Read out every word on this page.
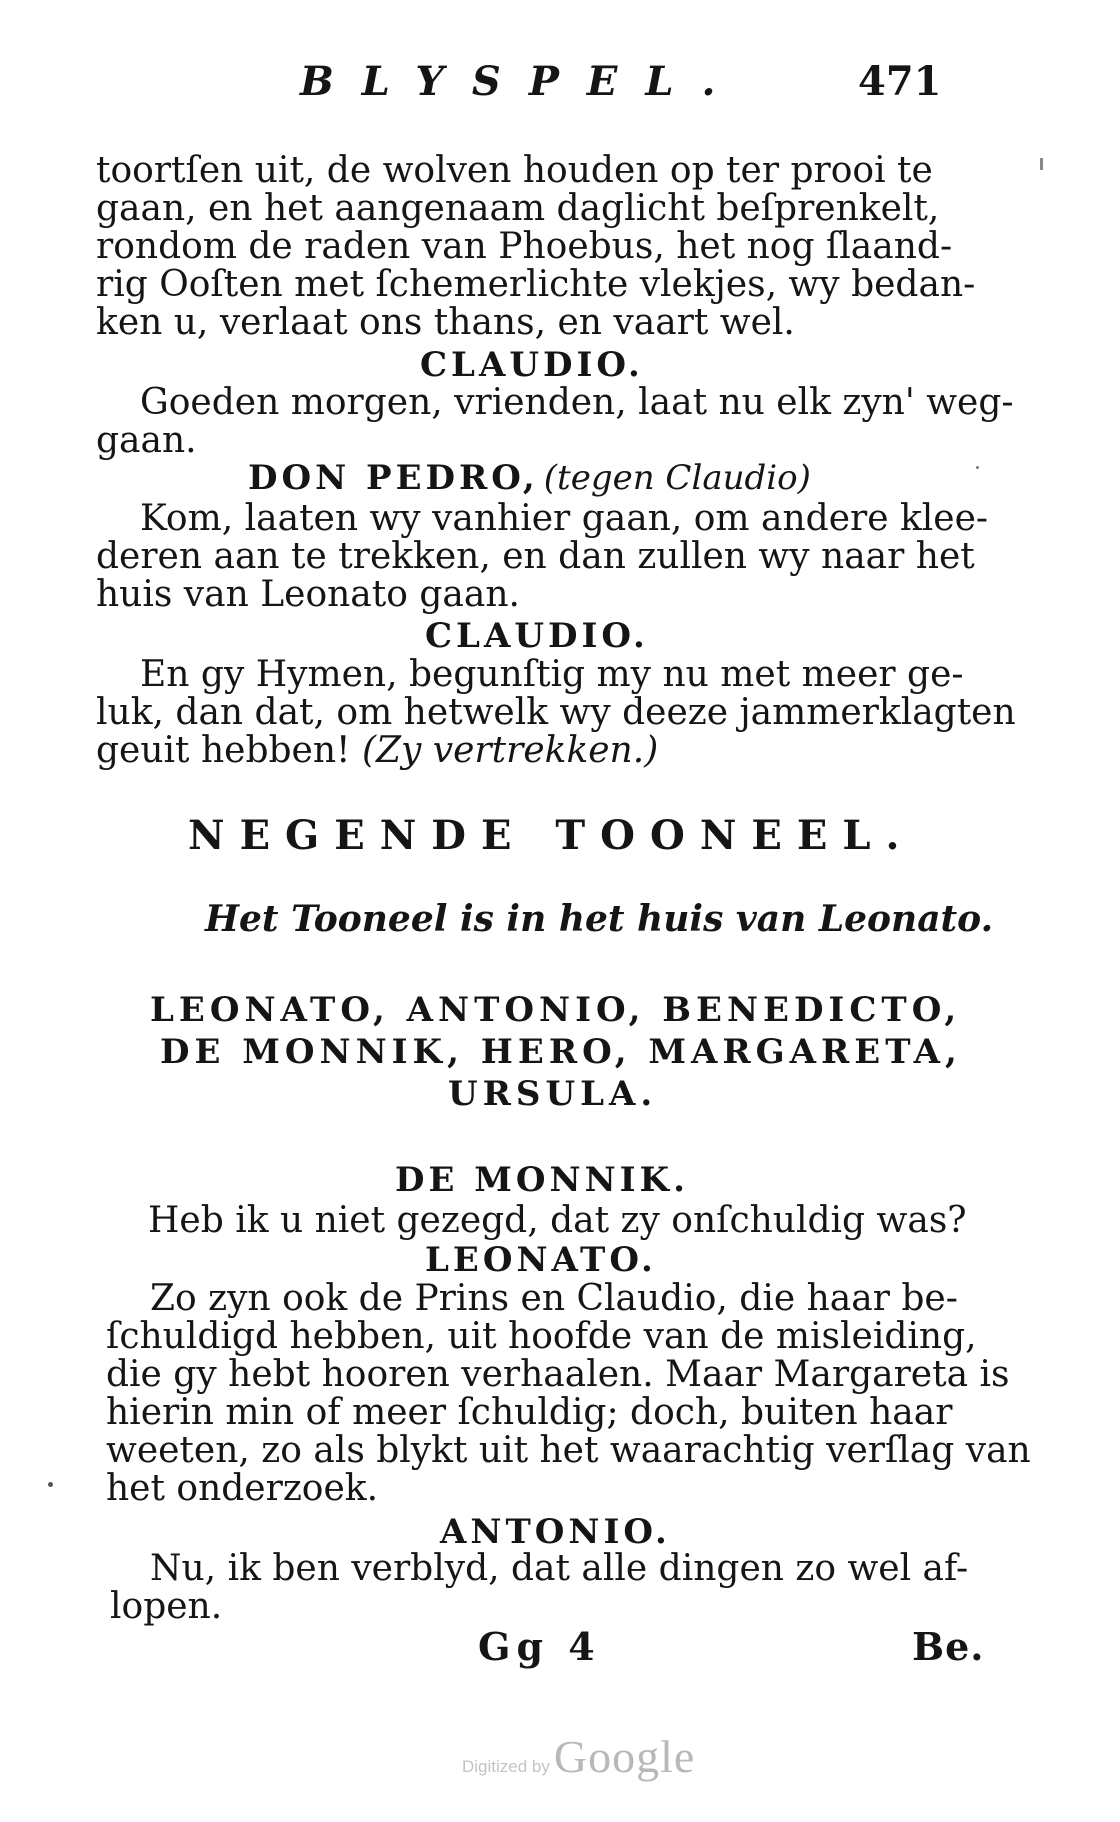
BLYSPEL.	471

toortſen uit, de wolven houden op ter prooi te

gaan, en het aangenaam daglicht beſprenkelt,

rondom de raden van Phoebus, het nog ſlaand-

rig Ooſten met ſchemerlichte vlekjes, wy bedan-

ken u, verlaat ons thans, en vaart wel.

CLAUDIO.

Goeden morgen, vrienden, laat nu elk zyn' weg-

gaan.

DON PEDRO, (tegen Claudio)

Kom, laaten wy vanhier gaan, om andere klee-

deren aan te trekken, en dan zullen wy naar het

huis van Leonato gaan.

CLAUDIO.

En gy Hymen, begunſtig my nu met meer ge-

luk, dan dat, om hetwelk wy deeze jammerklagten

geuit hebben! (Zy vertrekken.)
NEGENDE TOONEEL.

Het Tooneel is in het huis van Leonato.

LEONATO, ANTONIO, BENEDICTO,

DE MONNIK, HERO, MARGARETA,

URSULA.

DE MONNIK.

Heb ik u niet gezegd, dat zy onſchuldig was?

LEONATO.

Zo zyn ook de Prins en Claudio, die haar be-

ſchuldigd hebben, uit hoofde van de misleiding,

die gy hebt hooren verhaalen. Maar Margareta is

hierin min of meer ſchuldig; doch, buiten haar

weeten, zo als blykt uit het waarachtig verſlag van

het onderzoek.

ANTONIO.

Nu, ik ben verblyd, dat alle dingen zo wel af-

lopen.

Gg 4	Be.

Digitized by Google
